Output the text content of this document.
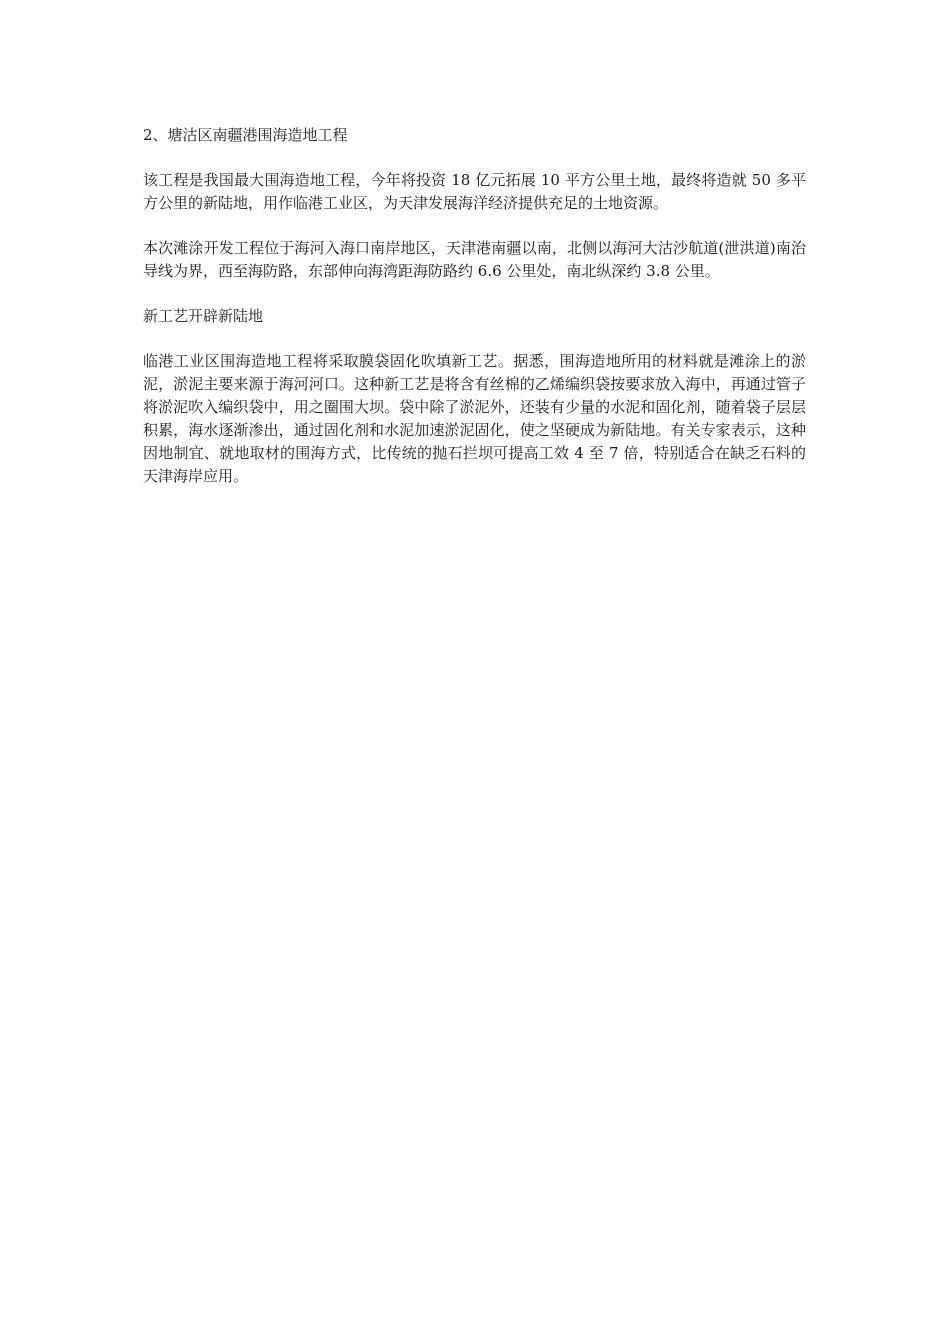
2、塘沽区南疆港围海造地工程

该工程是我国最大围海造地工程，今年将投资 18 亿元拓展 10 平方公里土地，最终将造就 50 多平方公里的新陆地，用作临港工业区，为天津发展海洋经济提供充足的土地资源。

本次滩涂开发工程位于海河入海口南岸地区，天津港南疆以南，北侧以海河大沽沙航道(泄洪道)南治导线为界，西至海防路，东部伸向海湾距海防路约 6.6 公里处，南北纵深约 3.8 公里。

新工艺开辟新陆地

临港工业区围海造地工程将采取膜袋固化吹填新工艺。据悉，围海造地所用的材料就是滩涂上的淤泥，淤泥主要来源于海河河口。这种新工艺是将含有丝棉的乙烯编织袋按要求放入海中，再通过管子将淤泥吹入编织袋中，用之圈围大坝。袋中除了淤泥外，还装有少量的水泥和固化剂，随着袋子层层积累，海水逐渐渗出，通过固化剂和水泥加速淤泥固化，使之坚硬成为新陆地。有关专家表示，这种因地制宜、就地取材的围海方式，比传统的抛石拦坝可提高工效 4 至 7 倍，特别适合在缺乏石料的天津海岸应用。
